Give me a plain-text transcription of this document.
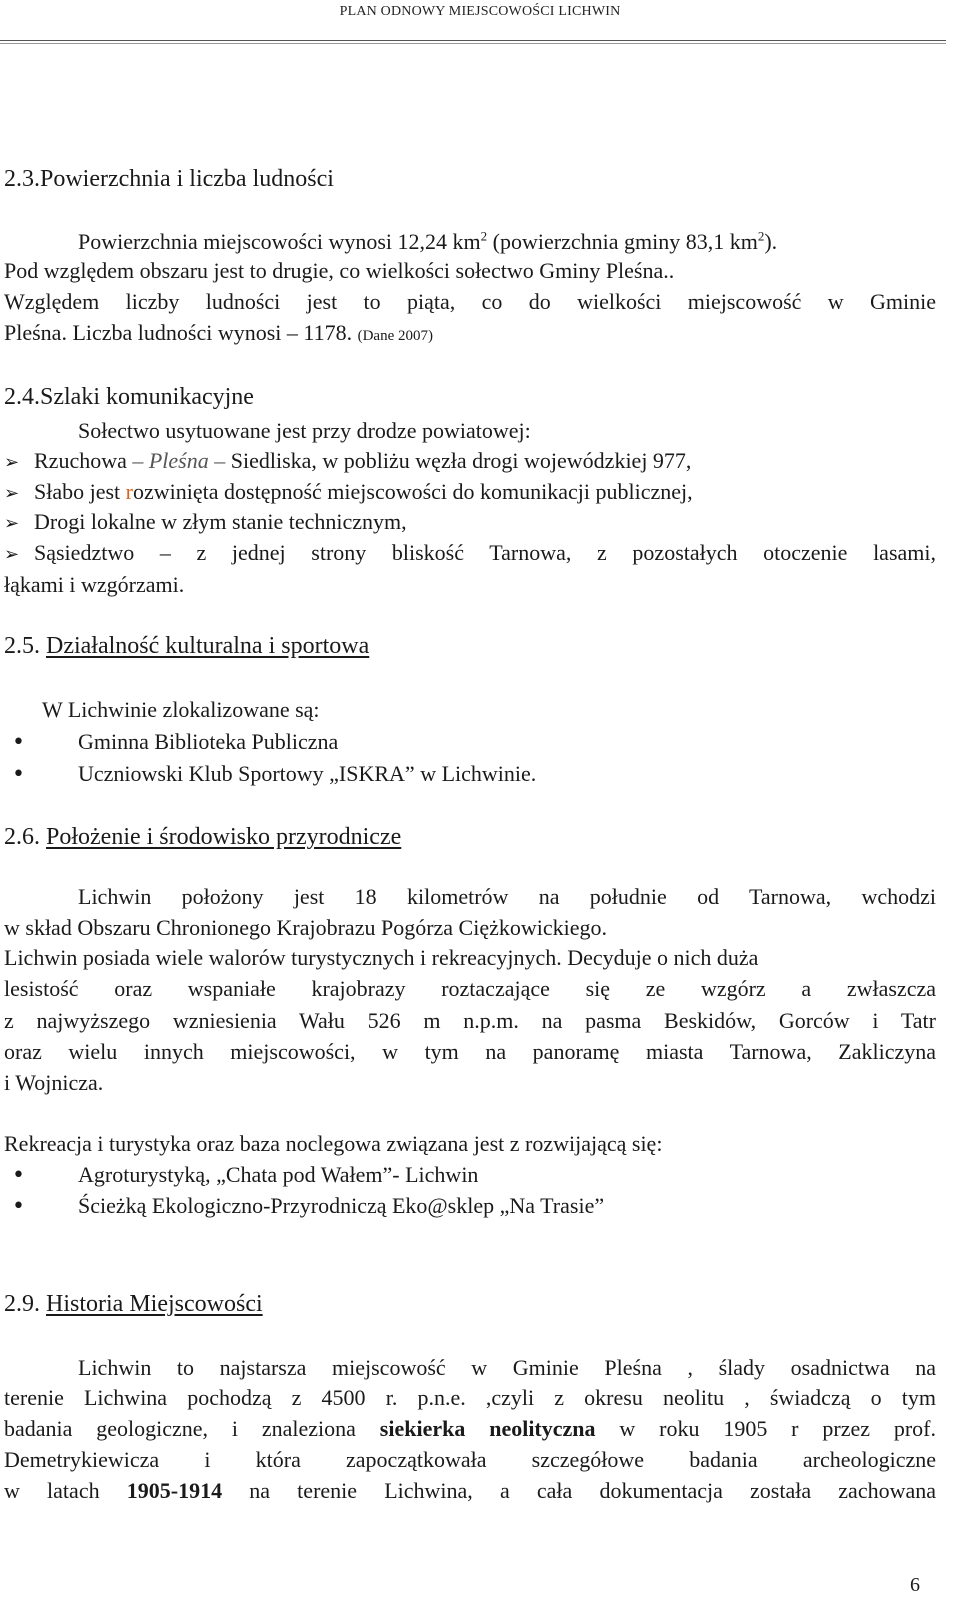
PLAN ODNOWY MIEJSCOWOŚCI LICHWIN
2.3.Powierzchnia i liczba ludności
Powierzchnia miejscowości wynosi 12,24 $km^2$ (powierzchnia gminy 83,1 $km^2$).
Pod względem obszaru jest to drugie, co wielkości sołectwo Gminy Pleśna..
Względem liczby ludności jest to piąta, co do wielkości miejscowość w Gminie
Pleśna. Liczba ludności wynosi – 1178. (Dane 2007)
2.4.Szlaki komunikacyjne
Sołectwo usytuowane jest przy drodze powiatowej:
➢ Rzuchowa – Pleśna – Siedliska, w pobliżu węzła drogi wojewódzkiej 977,
➢ Słabo jest rozwinięta dostępność miejscowości do komunikacji publicznej,
➢ Drogi lokalne w złym stanie technicznym,
➢ Sąsiedztwo – z jednej strony bliskość Tarnowa, z pozostałych otoczenie lasami,
łąkami i wzgórzami.
2.5. Działalność kulturalna i sportowa
W Lichwinie zlokalizowane są:
• Gminna Biblioteka Publiczna
• Uczniowski Klub Sportowy „ISKRA” w Lichwinie.
2.6. Położenie i środowisko przyrodnicze
Lichwin położony jest 18 kilometrów na południe od Tarnowa, wchodzi
w skład Obszaru Chronionego Krajobrazu Pogórza Ciężkowickiego.
Lichwin posiada wiele walorów turystycznych i rekreacyjnych. Decyduje o nich duża
lesistość oraz wspaniałe krajobrazy roztaczające się ze wzgórz a zwłaszcza
z najwyższego wzniesienia Wału 526 m n.p.m. na pasma Beskidów, Gorców i Tatr
oraz wielu innych miejscowości, w tym na panoramę miasta Tarnowa, Zakliczyna
i Wojnicza.
Rekreacja i turystyka oraz baza noclegowa związana jest z rozwijającą się:
• Agroturystyką, „Chata pod Wałem”- Lichwin
• Ścieżką Ekologiczno-Przyrodniczą Eko@sklep „Na Trasie”
2.9. Historia Miejscowości
Lichwin to najstarsza miejscowość w Gminie Pleśna , ślady osadnictwa na
terenie Lichwina pochodzą z 4500 r. p.n.e. ,czyli z okresu neolitu , świadczą o tym
badania geologiczne, i znaleziona siekierka neolityczna w roku 1905 r przez prof.
Demetrykiewicza i która zapoczątkowała szczegółowe badania archeologiczne
w latach 1905-1914 na terenie Lichwina, a cała dokumentacja została zachowana
6
